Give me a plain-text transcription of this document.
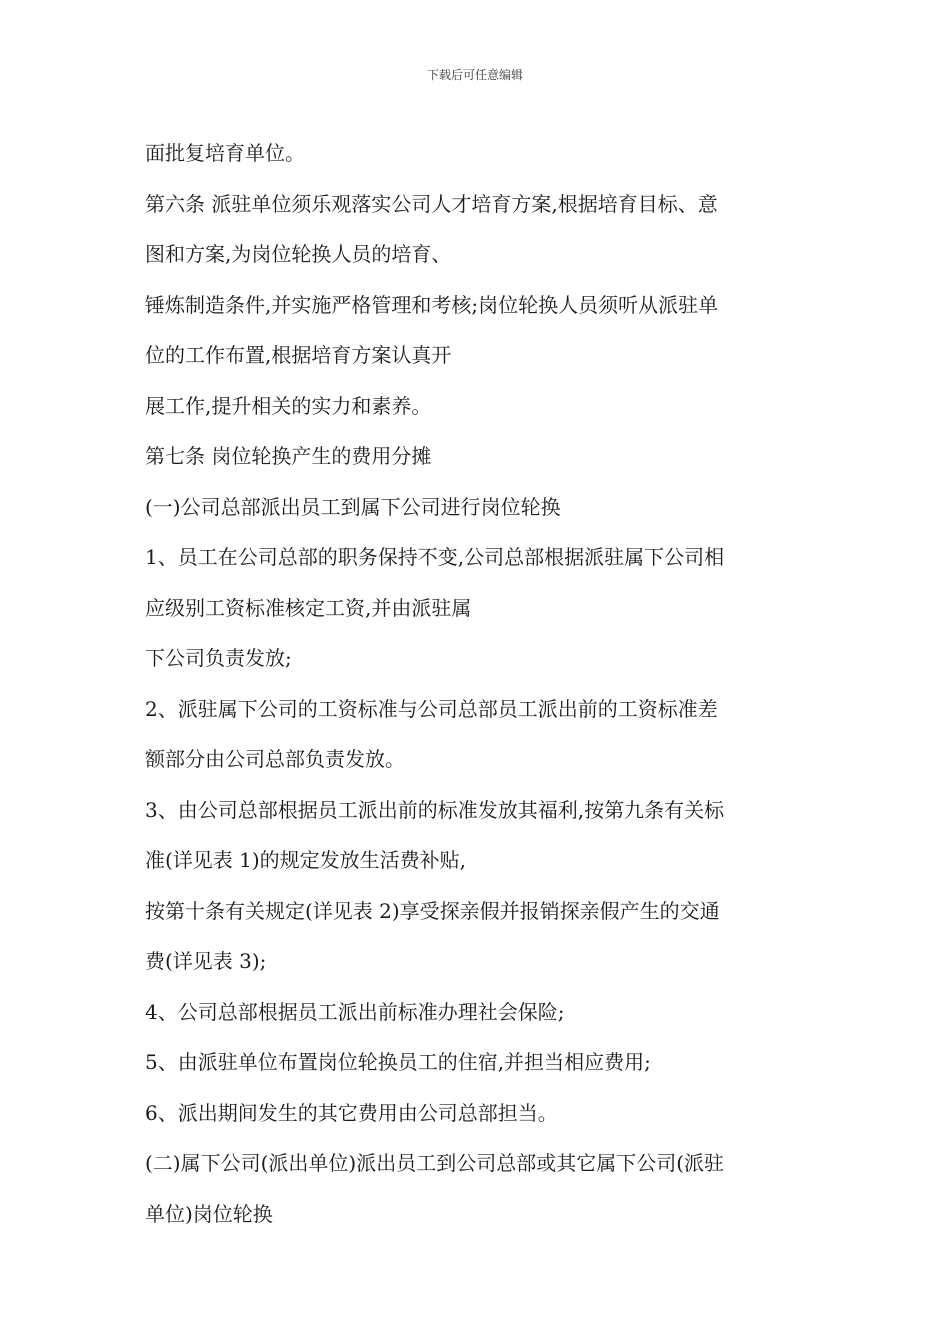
下载后可任意编辑
面批复培育单位。
第六条 派驻单位须乐观落实公司人才培育方案,根据培育目标、意
图和方案,为岗位轮换人员的培育、
锤炼制造条件,并实施严格管理和考核;岗位轮换人员须听从派驻单
位的工作布置,根据培育方案认真开
展工作,提升相关的实力和素养。
第七条 岗位轮换产生的费用分摊
(一)公司总部派出员工到属下公司进行岗位轮换
1、员工在公司总部的职务保持不变,公司总部根据派驻属下公司相
应级别工资标准核定工资,并由派驻属
下公司负责发放;
2、派驻属下公司的工资标准与公司总部员工派出前的工资标准差
额部分由公司总部负责发放。
3、由公司总部根据员工派出前的标准发放其福利,按第九条有关标
准(详见表 1)的规定发放生活费补贴,
按第十条有关规定(详见表 2)享受探亲假并报销探亲假产生的交通
费(详见表 3);
4、公司总部根据员工派出前标准办理社会保险;
5、由派驻单位布置岗位轮换员工的住宿,并担当相应费用;
6、派出期间发生的其它费用由公司总部担当。
(二)属下公司(派出单位)派出员工到公司总部或其它属下公司(派驻
单位)岗位轮换
